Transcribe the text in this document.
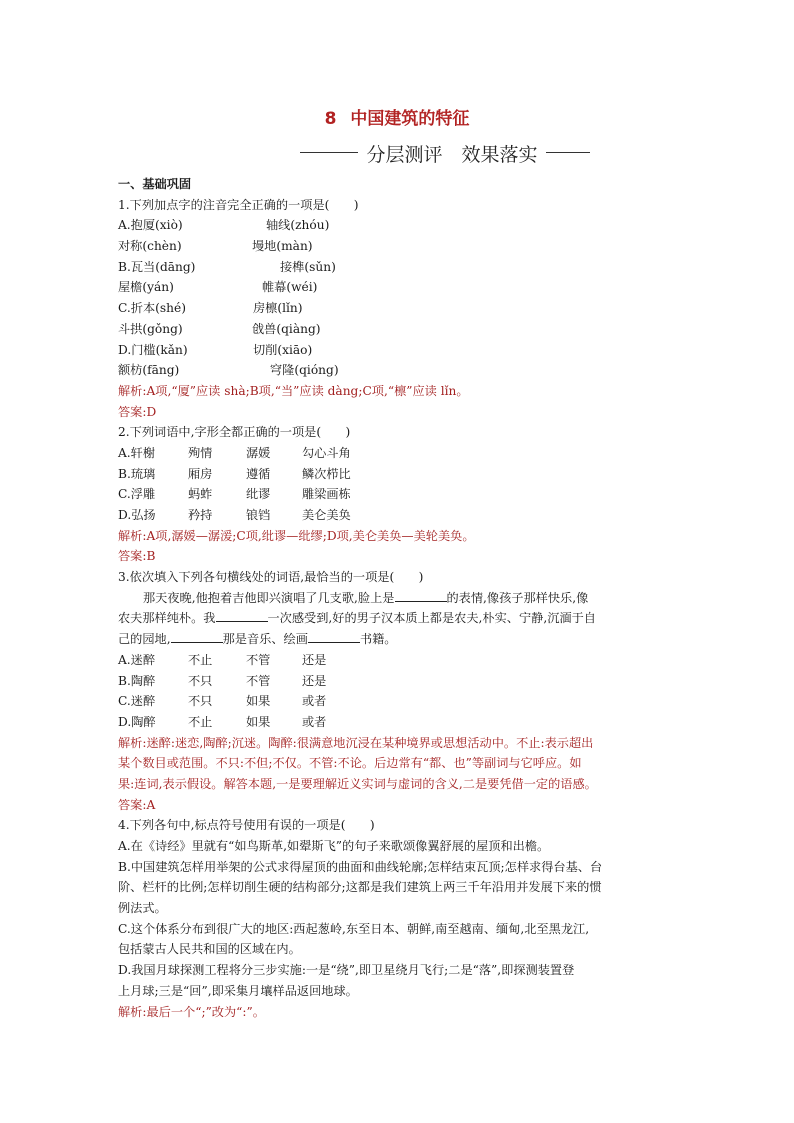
8 中国建筑的特征
分层测评　效果落实
一、基础巩固
1.下列加点字的注音完全正确的一项是(　　)
A.抱厦(xiò)	轴线(zhóu)
对称(chèn)	墁地(màn)
B.瓦当(dāng)	接榫(sǔn)
屋檐(yán)	帷幕(wéi)
C.折本(shé)	房檩(lǐn)
斗拱(gǒng)	戗兽(qiàng)
D.门槛(kǎn)	切削(xiāo)
额枋(fāng)	穹隆(qióng)
解析:A项,“厦”应读 shà;B项,“当”应读 dàng;C项,“檩”应读 lǐn。
答案:D
2.下列词语中,字形全都正确的一项是(　　)
A.轩榭	殉情	潺媛	勾心斗角
B.琉璃	厢房	遵循	鳞次栉比
C.浮雕	蚂蚱	纰谬	雕梁画栋
D.弘扬	矜持	锒铛	美仑美奂
解析:A项,潺媛—潺湲;C项,纰谬—纰缪;D项,美仑美奂—美轮美奂。
答案:B
3.依次填入下列各句横线处的词语,最恰当的一项是(　　)
那天夜晚,他抱着吉他即兴演唱了几支歌,脸上是	的表情,像孩子那样快乐,像
农夫那样纯朴。我	一次感受到,好的男子汉本质上都是农夫,朴实、宁静,沉湎于自
己的园地,	那是音乐、绘画	书籍。
A.迷醉	不止	不管	还是
B.陶醉	不只	不管	还是
C.迷醉	不只	如果	或者
D.陶醉	不止	如果	或者
解析:迷醉:迷恋,陶醉;沉迷。陶醉:很满意地沉浸在某种境界或思想活动中。不止:表示超出
某个数目或范围。不只:不但;不仅。不管:不论。后边常有“都、也”等副词与它呼应。如
果:连词,表示假设。解答本题,一是要理解近义实词与虚词的含义,二是要凭借一定的语感。
答案:A
4.下列各句中,标点符号使用有误的一项是(　　)
A.在《诗经》里就有“如鸟斯革,如翚斯飞”的句子来歌颂像翼舒展的屋顶和出檐。
B.中国建筑怎样用举架的公式求得屋顶的曲面和曲线轮廓;怎样结束瓦顶;怎样求得台基、台
阶、栏杆的比例;怎样切削生硬的结构部分;这都是我们建筑上两三千年沿用并发展下来的惯
例法式。
C.这个体系分布到很广大的地区:西起葱岭,东至日本、朝鲜,南至越南、缅甸,北至黑龙江,
包括蒙古人民共和国的区域在内。
D.我国月球探测工程将分三步实施:一是“绕”,即卫星绕月飞行;二是“落”,即探测装置登
上月球;三是“回”,即采集月壤样品返回地球。
解析:最后一个“;”改为“:”。
